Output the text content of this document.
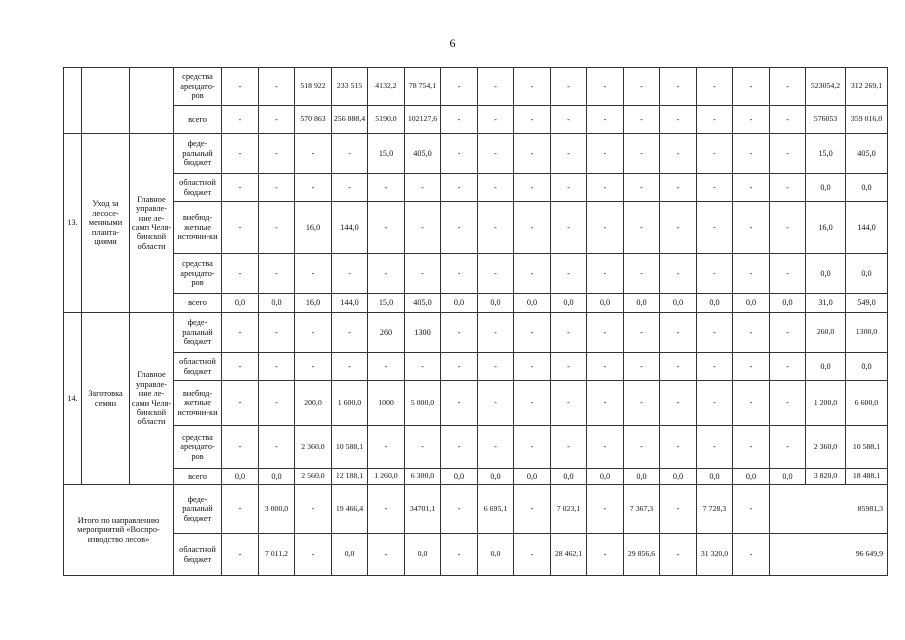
6
			средства арендато-ров	-	-	518 922	233 515	4132,2	78 754,1	-	-	-	-	-	-	-	-	-	-	523054,2	312 269,1
			всего	-	-	570 863	256 888,4	5190,0	102127,6	-	-	-	-	-	-	-	-	-	-	576053	359 016,0
13.	Уход за лесосе-менными планта-циями	Главное управле-ние ле-самп Челя-бинской области	феде-ральный бюджет	-	-	-	-	15,0	405,0	-	-	-	-	-	-	-	-	-	-	15,0	405,0
			областной бюджет	-	-	-	-	-	-	-	-	-	-	-	-	-	-	-	-	0,0	0,0
			внебюд-жетные источни-ки	-	-	16,0	144,0	-	-	-	-	-	-	-	-	-	-	-	-	16,0	144,0
			средства арендато-ров	-	-	-	-	-	-	-	-	-	-	-	-	-	-	-	-	0,0	0,0
			всего	0,0	0,0	16,0	144,0	15,0	405,0	0,0	0,0	0,0	0,0	0,0	0,0	0,0	0,0	0,0	0,0	31,0	549,0
14.	Заготовка семян	Главное управле-ние ле-сами Челя-бинской области	феде-ральный бюджет	-	-	-	-	260	1300	-	-	-	-	-	-	-	-	-	-	260,0	1300,0
			областной бюджет	-	-	-	-	-	-	-	-	-	-	-	-	-	-	-	-	0,0	0,0
			внебюд-жетные источни-ки	-	-	200,0	1 600,0	1000	5 000,0	-	-	-	-	-	-	-	-	-	-	1 200,0	6 600,0
			средства арендато-ров	-	-	2 360,0	10 588,1	-	-	-	-	-	-	-	-	-	-	-	-	2 360,0	10 588,1
			всего	0,0	0,0	2 560,0	12 188,1	1 260,0	6 300,0	0,0	0,0	0,0	0,0	0,0	0,0	0,0	0,0	0,0	0,0	3 820,0	18 488,1
Итого по направлению мероприятий «Воспро-изводство лесов»			феде-ральный бюджет	-	3 000,0	-	19 466,4	-	34701,1	-	6 695,1	-	7 023,1	-	7 367,3	-	7 728,3	-	85981,3		
			областной бюджет	-	7 011,2	-	0,0	-	0,0	-	0,0	-	28 462,1	-	29 856,6	-	31 320,0	-	96 649,9		
